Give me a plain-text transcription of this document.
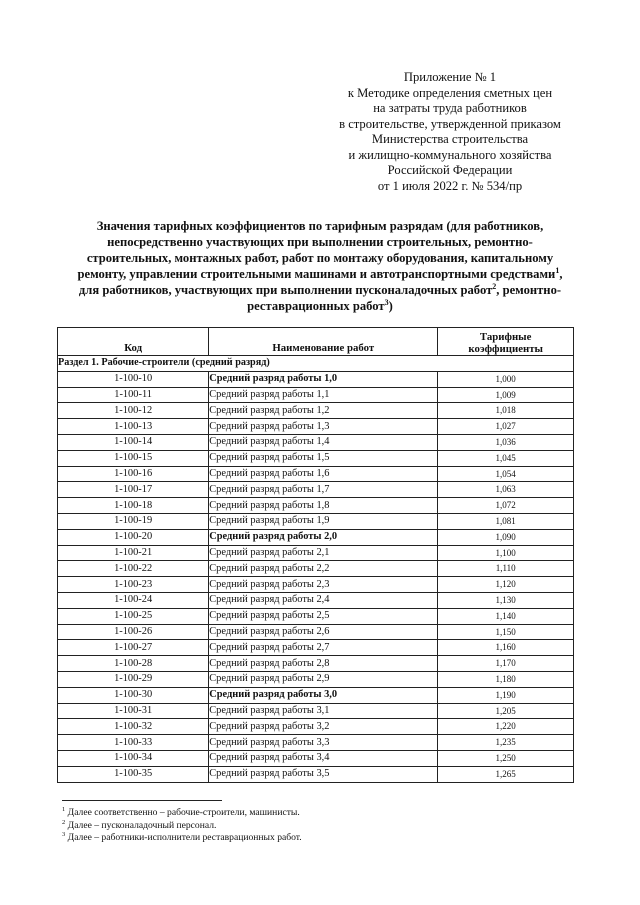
Приложение № 1
к Методике определения сметных цен
на затраты труда работников
в строительстве, утвержденной приказом
Министерства строительства
и жилищно-коммунального хозяйства
Российской Федерации
от 1 июля 2022 г. № 534/пр
Значения тарифных коэффициентов по тарифным разрядам (для работников,
непосредственно участвующих при выполнении строительных, ремонтно-
строительных, монтажных работ, работ по монтажу оборудования, капитальному
ремонту, управлении строительными машинами и автотранспортными средствами$^1$,
для работников, участвующих при выполнении пусконаладочных работ$^2$, ремонтно-
реставрационных работ$^3$)
Код	Наименование работ	Тарифные
коэффициенты

Раздел 1. Рабочие-строители (средний разряд)		
1-100-10	Средний разряд работы 1,0	1,000
1-100-11	Средний разряд работы 1,1	1,009
1-100-12	Средний разряд работы 1,2	1,018
1-100-13	Средний разряд работы 1,3	1,027
1-100-14	Средний разряд работы 1,4	1,036
1-100-15	Средний разряд работы 1,5	1,045
1-100-16	Средний разряд работы 1,6	1,054
1-100-17	Средний разряд работы 1,7	1,063
1-100-18	Средний разряд работы 1,8	1,072
1-100-19	Средний разряд работы 1,9	1,081
1-100-20	Средний разряд работы 2,0	1,090
1-100-21	Средний разряд работы 2,1	1,100
1-100-22	Средний разряд работы 2,2	1,110
1-100-23	Средний разряд работы 2,3	1,120
1-100-24	Средний разряд работы 2,4	1,130
1-100-25	Средний разряд работы 2,5	1,140
1-100-26	Средний разряд работы 2,6	1,150
1-100-27	Средний разряд работы 2,7	1,160
1-100-28	Средний разряд работы 2,8	1,170
1-100-29	Средний разряд работы 2,9	1,180
1-100-30	Средний разряд работы 3,0	1,190
1-100-31	Средний разряд работы 3,1	1,205
1-100-32	Средний разряд работы 3,2	1,220
1-100-33	Средний разряд работы 3,3	1,235
1-100-34	Средний разряд работы 3,4	1,250
1-100-35	Средний разряд работы 3,5	1,265
$^1$ Далее соответственно – рабочие-строители, машинисты.
$^2$ Далее – пусконаладочный персонал.
$^3$ Далее – работники-исполнители реставрационных работ.
